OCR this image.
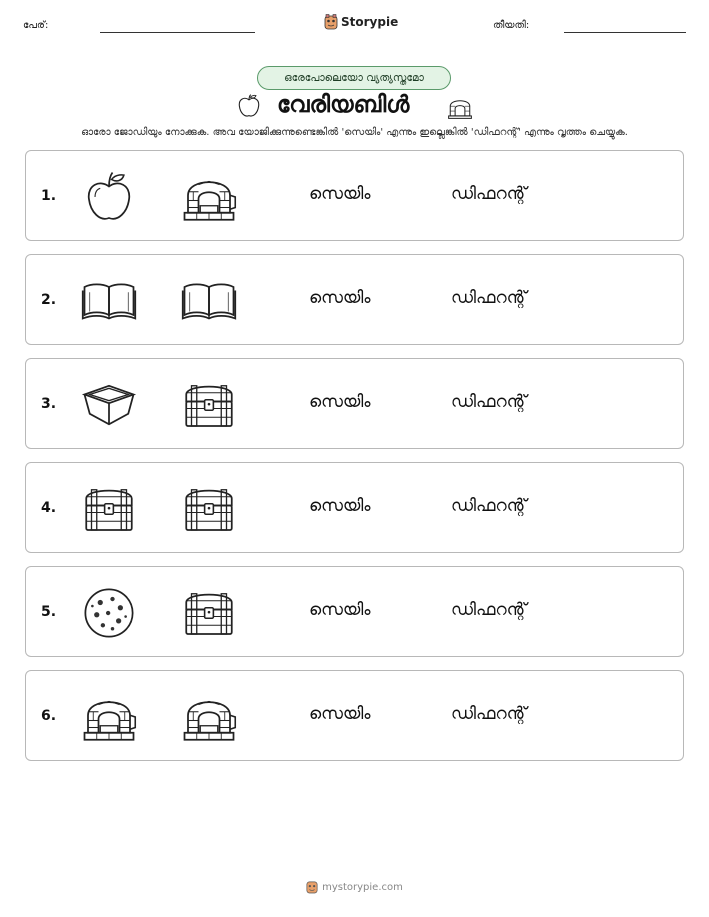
പേര്:	Storypie	തീയതി:
ഒരേപോലെയോ വ്യത്യസ്തമോ
വേരിയബിൾ
ഓരോ ജോഡിയും നോക്കുക. അവ യോജിക്കുന്നുണ്ടെങ്കിൽ 'സെയിം' എന്നും ഇല്ലെങ്കിൽ 'ഡിഫറന്റ്' എന്നും വൃത്തം ചെയ്യുക.
1.	സെയിം	ഡിഫറന്റ്
2.	സെയിം	ഡിഫറന്റ്
3.	സെയിം	ഡിഫറന്റ്
4.	സെയിം	ഡിഫറന്റ്
5.	സെയിം	ഡിഫറന്റ്
6.	സെയിം	ഡിഫറന്റ്
mystorypie.com
